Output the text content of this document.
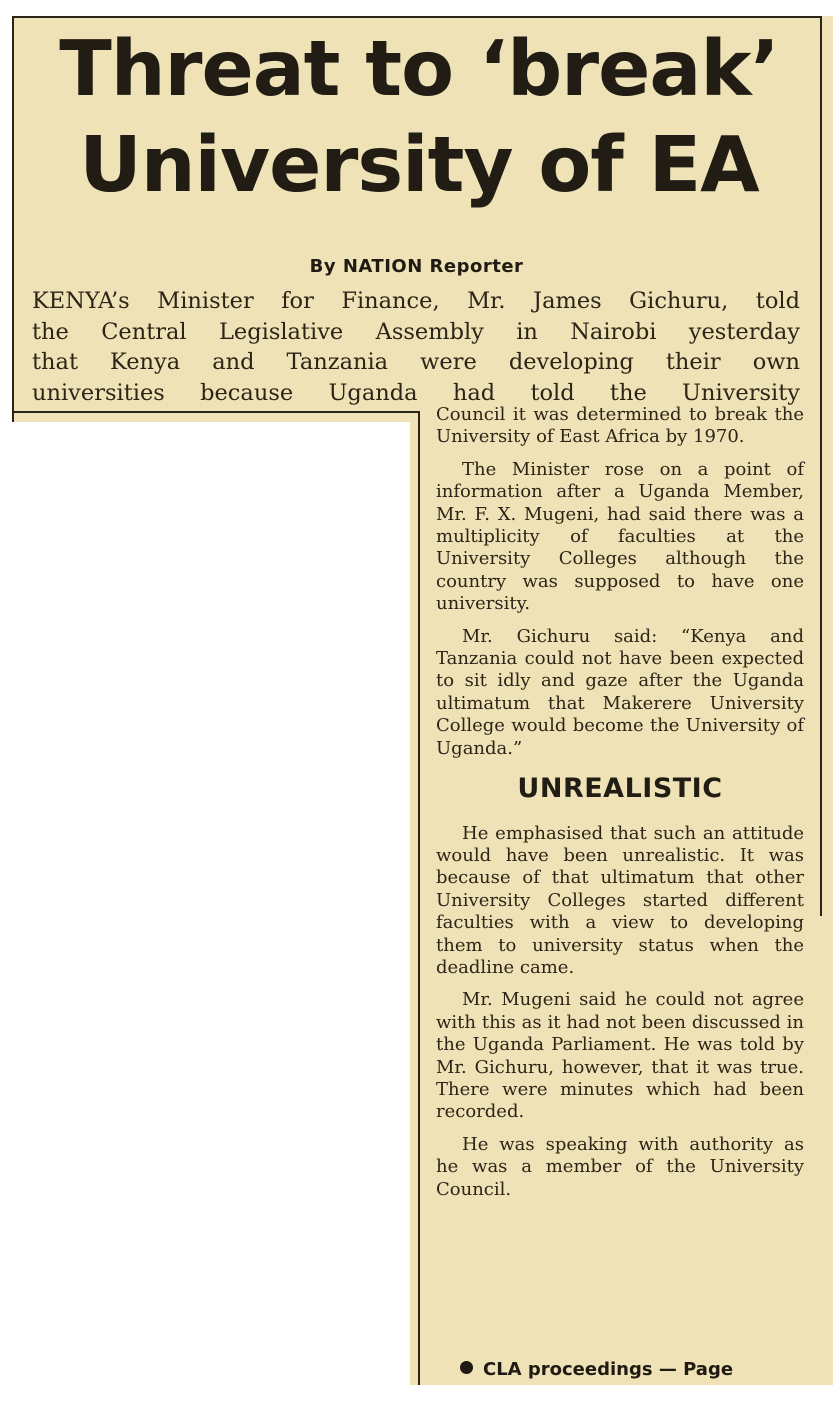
Threat to ‘break’
University of EA
By NATION Reporter
KENYA’s Minister for Finance, Mr. James Gichuru, told
the Central Legislative Assembly in Nairobi yesterday
that Kenya and Tanzania were developing their own
universities because Uganda had told the University

Council it was determined to break the University of East Africa by 1970.

The Minister rose on a point of information after a Uganda Member, Mr. F. X. Mugeni, had said there was a multiplicity of faculties at the University Colleges although the country was supposed to have one university.

Mr. Gichuru said: “Kenya and Tanzania could not have been expected to sit idly and gaze after the Uganda ultimatum that Makerere University College would become the University of Uganda.”

UNREALISTIC

He emphasised that such an attitude would have been unrealistic. It was because of that ultimatum that other University Colleges started different faculties with a view to developing them to university status when the deadline came.

Mr. Mugeni said he could not agree with this as it had not been discussed in the Uganda Parliament. He was told by Mr. Gichuru, however, that it was true. There were minutes which had been recorded.

He was speaking with authority as he was a member of the University Council.

CLA proceedings — Page
